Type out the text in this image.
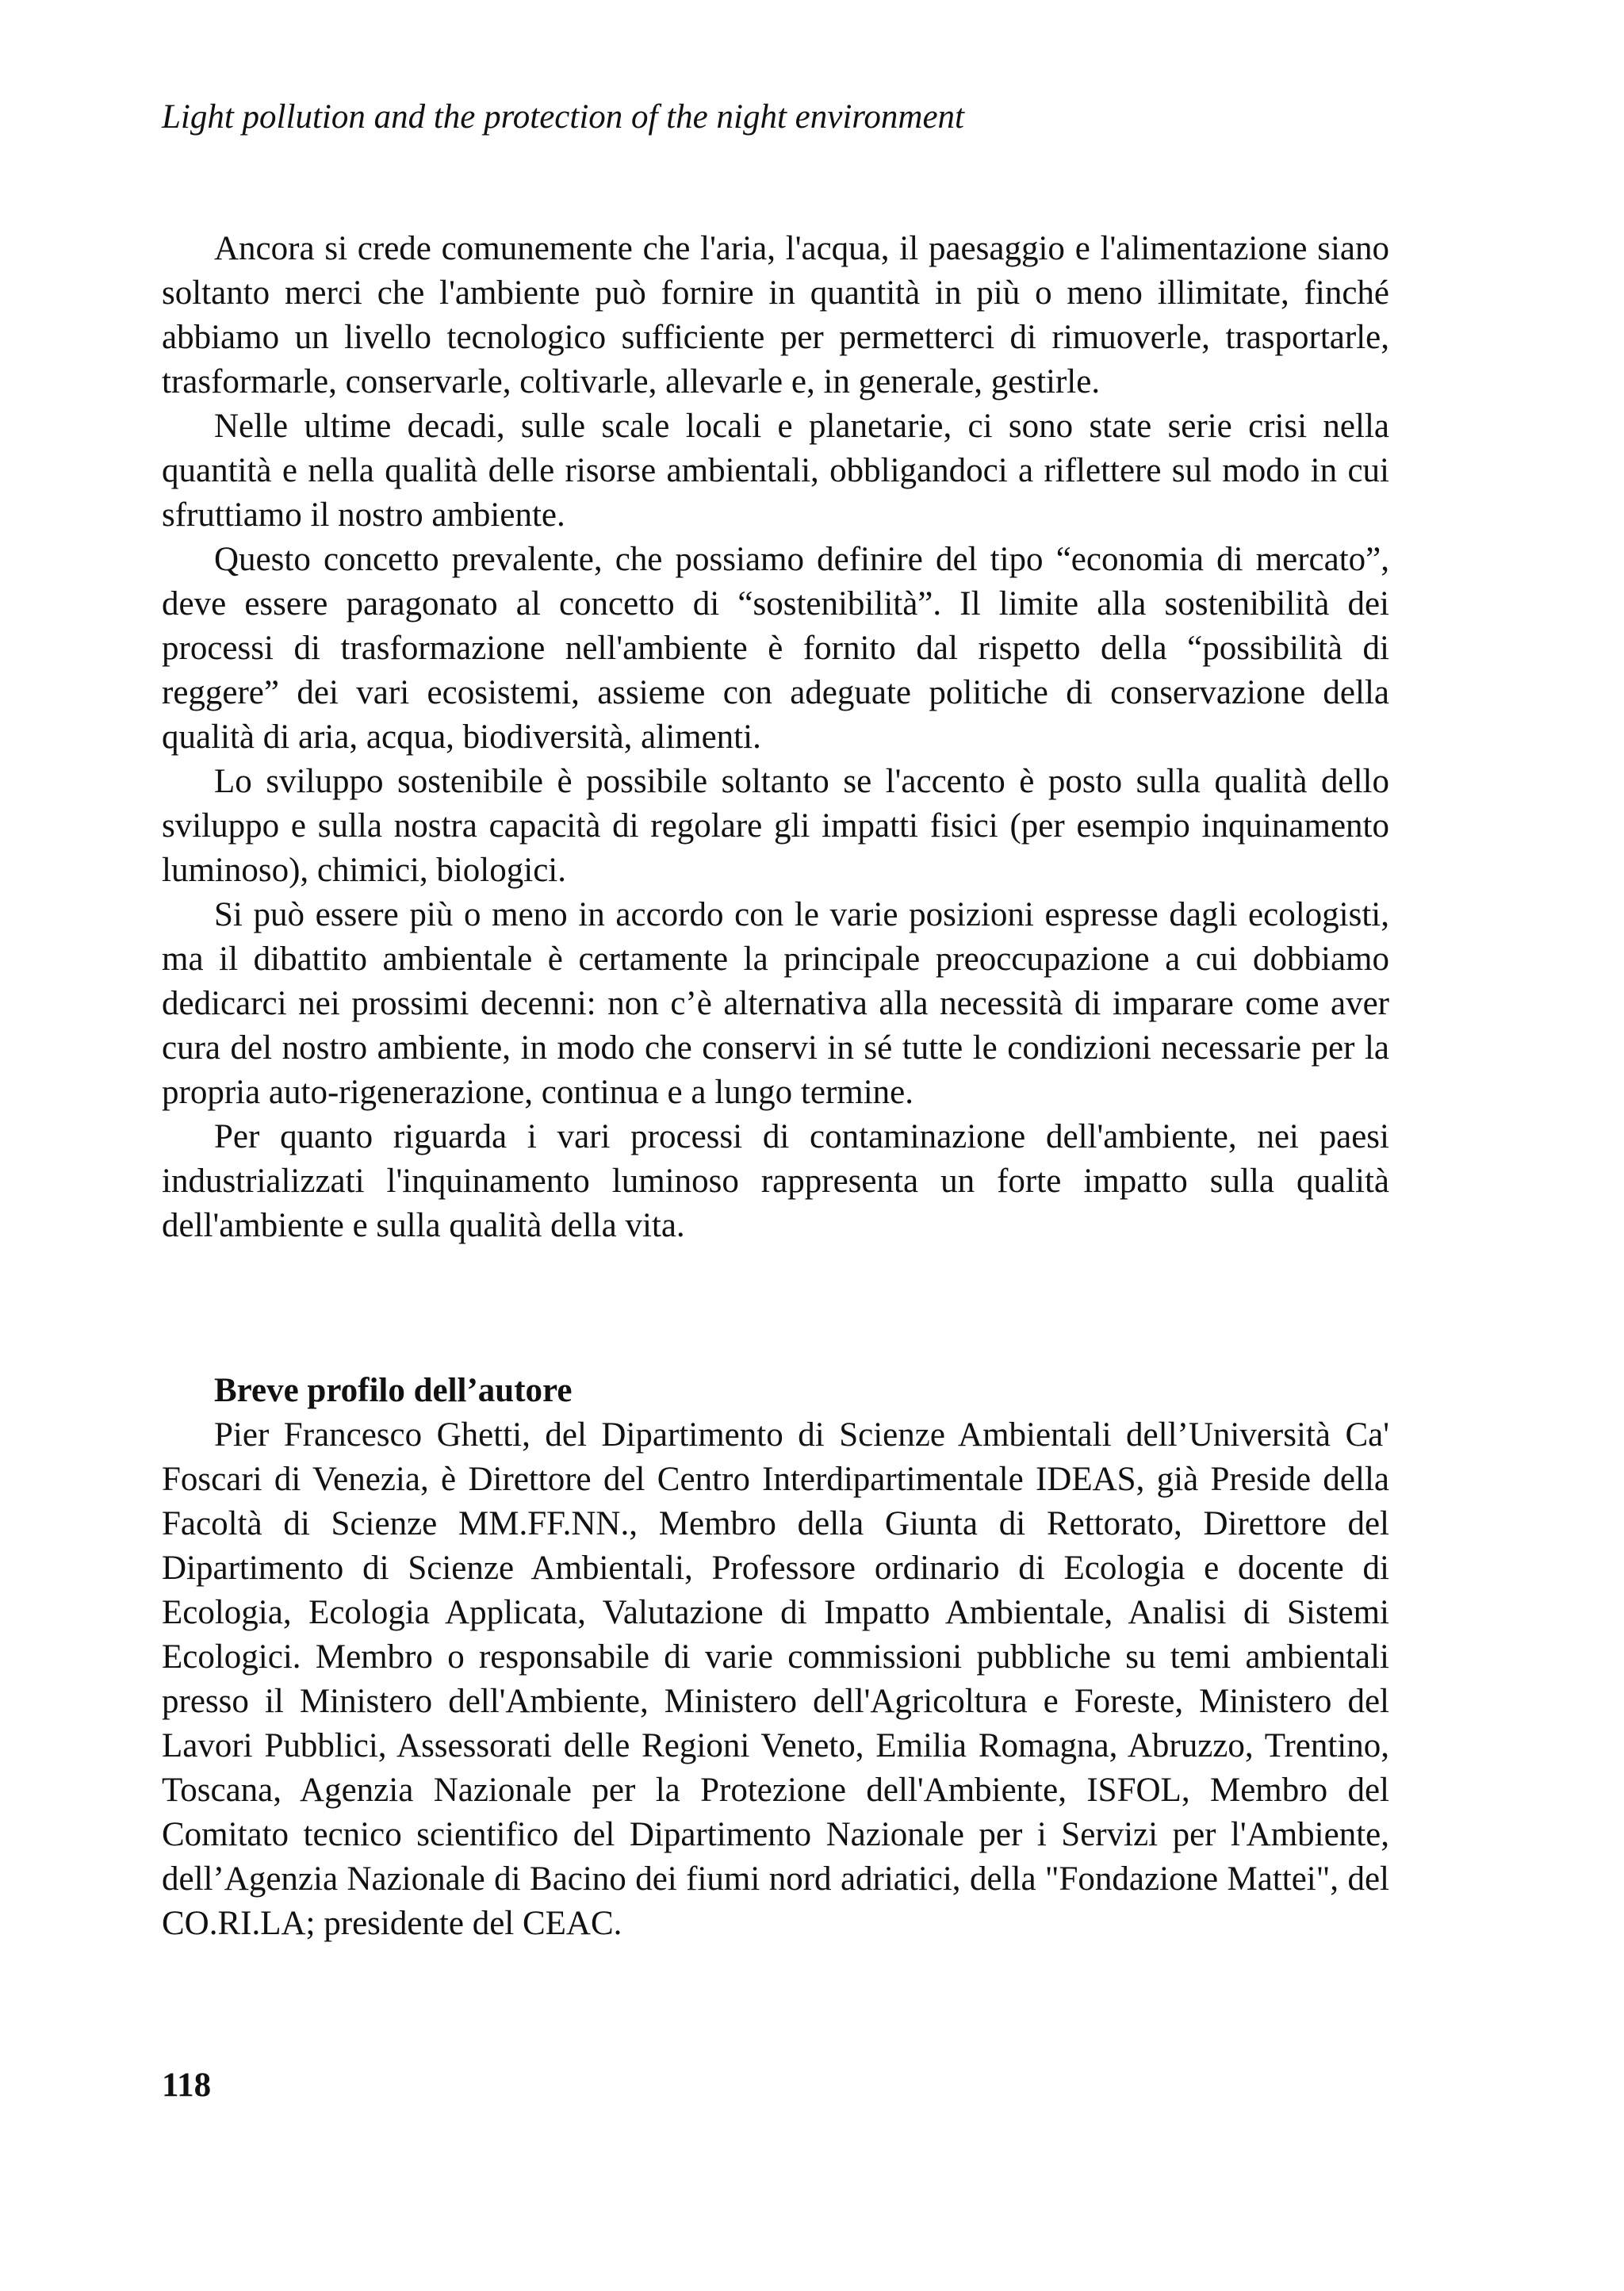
Light pollution and the protection of the night environment

Ancora si crede comunemente che l'aria, l'acqua, il paesaggio e l'alimentazione siano soltanto merci che l'ambiente può fornire in quantità in più o meno illimitate, finché abbiamo un livello tecnologico sufficiente per permetterci di rimuoverle, trasportarle, trasformarle, conservarle, coltivarle, allevarle e, in generale, gestirle.

Nelle ultime decadi, sulle scale locali e planetarie, ci sono state serie crisi nella quantità e nella qualità delle risorse ambientali, obbligandoci a riflettere sul modo in cui sfruttiamo il nostro ambiente.

Questo concetto prevalente, che possiamo definire del tipo “economia di mercato”, deve essere paragonato al concetto di “sostenibilità”. Il limite alla sostenibilità dei processi di trasformazione nell'ambiente è fornito dal rispetto della “possibilità di reggere” dei vari ecosistemi, assieme con adeguate politiche di conservazione della qualità di aria, acqua, biodiversità, alimenti.

Lo sviluppo sostenibile è possibile soltanto se l'accento è posto sulla qualità dello sviluppo e sulla nostra capacità di regolare gli impatti fisici (per esempio inquinamento luminoso), chimici, biologici.

Si può essere più o meno in accordo con le varie posizioni espresse dagli ecologisti, ma il dibattito ambientale è certamente la principale preoccupazione a cui dobbiamo dedicarci nei prossimi decenni: non c’è alternativa alla necessità di imparare come aver cura del nostro ambiente, in modo che conservi in sé tutte le condizioni necessarie per la propria auto-rigenerazione, continua e a lungo termine.

Per quanto riguarda i vari processi di contaminazione dell'ambiente, nei paesi industrializzati l'inquinamento luminoso rappresenta un forte impatto sulla qualità dell'ambiente e sulla qualità della vita.

Breve profilo dell’autore

Pier Francesco Ghetti, del Dipartimento di Scienze Ambientali dell’Università Ca' Foscari di Venezia, è Direttore del Centro Interdipartimentale IDEAS, già Preside della Facoltà di Scienze MM.FF.NN., Membro della Giunta di Rettorato, Direttore del Dipartimento di Scienze Ambientali, Professore ordinario di Ecologia e docente di Ecologia, Ecologia Applicata, Valutazione di Impatto Ambientale, Analisi di Sistemi Ecologici. Membro o responsabile di varie commissioni pubbliche su temi ambientali presso il Ministero dell'Ambiente, Ministero dell'Agricoltura e Foreste, Ministero del Lavori Pubblici, Assessorati delle Regioni Veneto, Emilia Romagna, Abruzzo, Trentino, Toscana, Agenzia Nazionale per la Protezione dell'Ambiente, ISFOL, Membro del Comitato tecnico scientifico del Dipartimento Nazionale per i Servizi per l'Ambiente, dell’Agenzia Nazionale di Bacino dei fiumi nord adriatici, della "Fondazione Mattei", del CO.RI.LA; presidente del CEAC.

118
